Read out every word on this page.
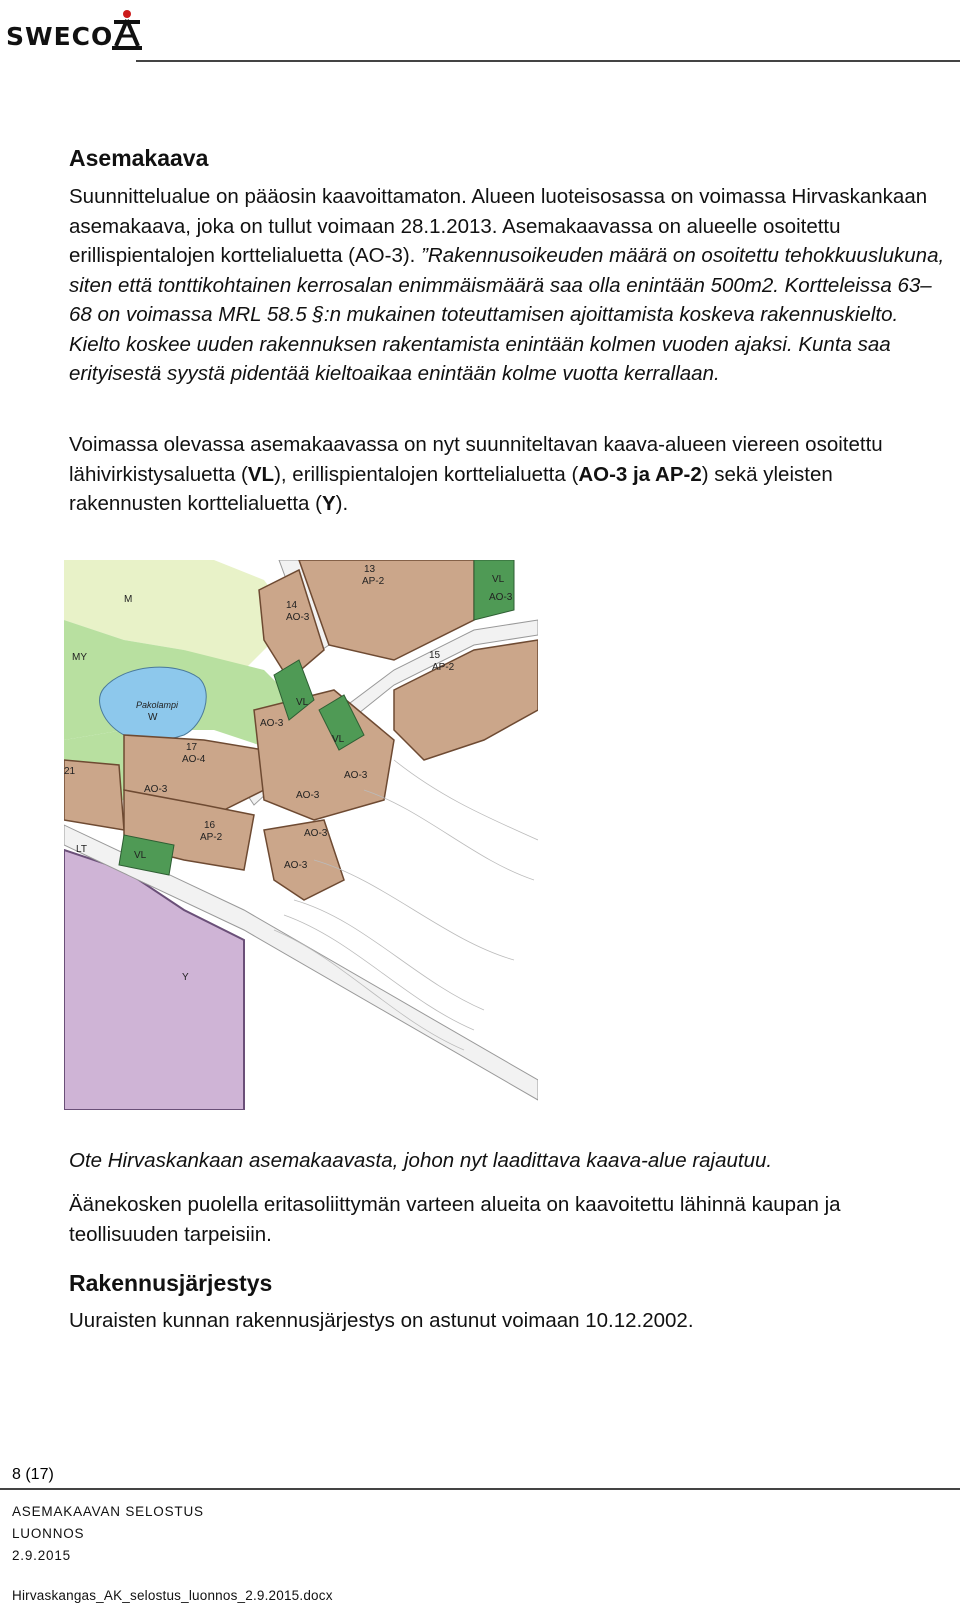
SWECO
Asemakaava

Suunnittelualue on pääosin kaavoittamaton. Alueen luoteisosassa on voimassa Hirvaskankaan asemakaava, joka on tullut voimaan 28.1.2013. Asemakaavassa on alueelle osoitettu erillispientalojen korttelialuetta (AO-3). ”Rakennusoikeuden määrä on osoitettu tehokkuuslukuna, siten että tonttikohtainen kerrosalan enimmäismäärä saa olla enintään 500m2. Kortteleissa 63–68 on voimassa MRL 58.5 §:n mukainen toteuttamisen ajoittamista koskeva rakennuskielto. Kielto koskee uuden rakennuksen rakentamista enintään kolmen vuoden ajaksi. Kunta saa erityisestä syystä pidentää kieltoaikaa enintään kolme vuotta kerrallaan.

Voimassa olevassa asemakaavassa on nyt suunniteltavan kaava-alueen viereen osoitettu lähivirkistysaluetta (VL), erillispientalojen korttelialuetta (AO-3 ja AP-2) sekä yleisten rakennusten korttelialuetta (Y).

13
AP-2	VL
AO-3
14
AO-3
15
AP-2
AO-3
VL
AO-3
VL
17
AO-4
AO-3
AO-3
AO-3
16
AP-2
VL
AO-3
LT
MY
M
Y
21
Pakolampi
W

Ote Hirvaskankaan asemakaavasta, johon nyt laadittava kaava-alue rajautuu.

Äänekosken puolella eritasoliittymän varteen alueita on kaavoitettu lähinnä kaupan ja teollisuuden tarpeisiin.

Rakennusjärjestys

Uuraisten kunnan rakennusjärjestys on astunut voimaan 10.12.2002.

8 (17)
ASEMAKAAVAN SELOSTUS
LUONNOS
2.9.2015
Hirvaskangas_AK_selostus_luonnos_2.9.2015.docx
